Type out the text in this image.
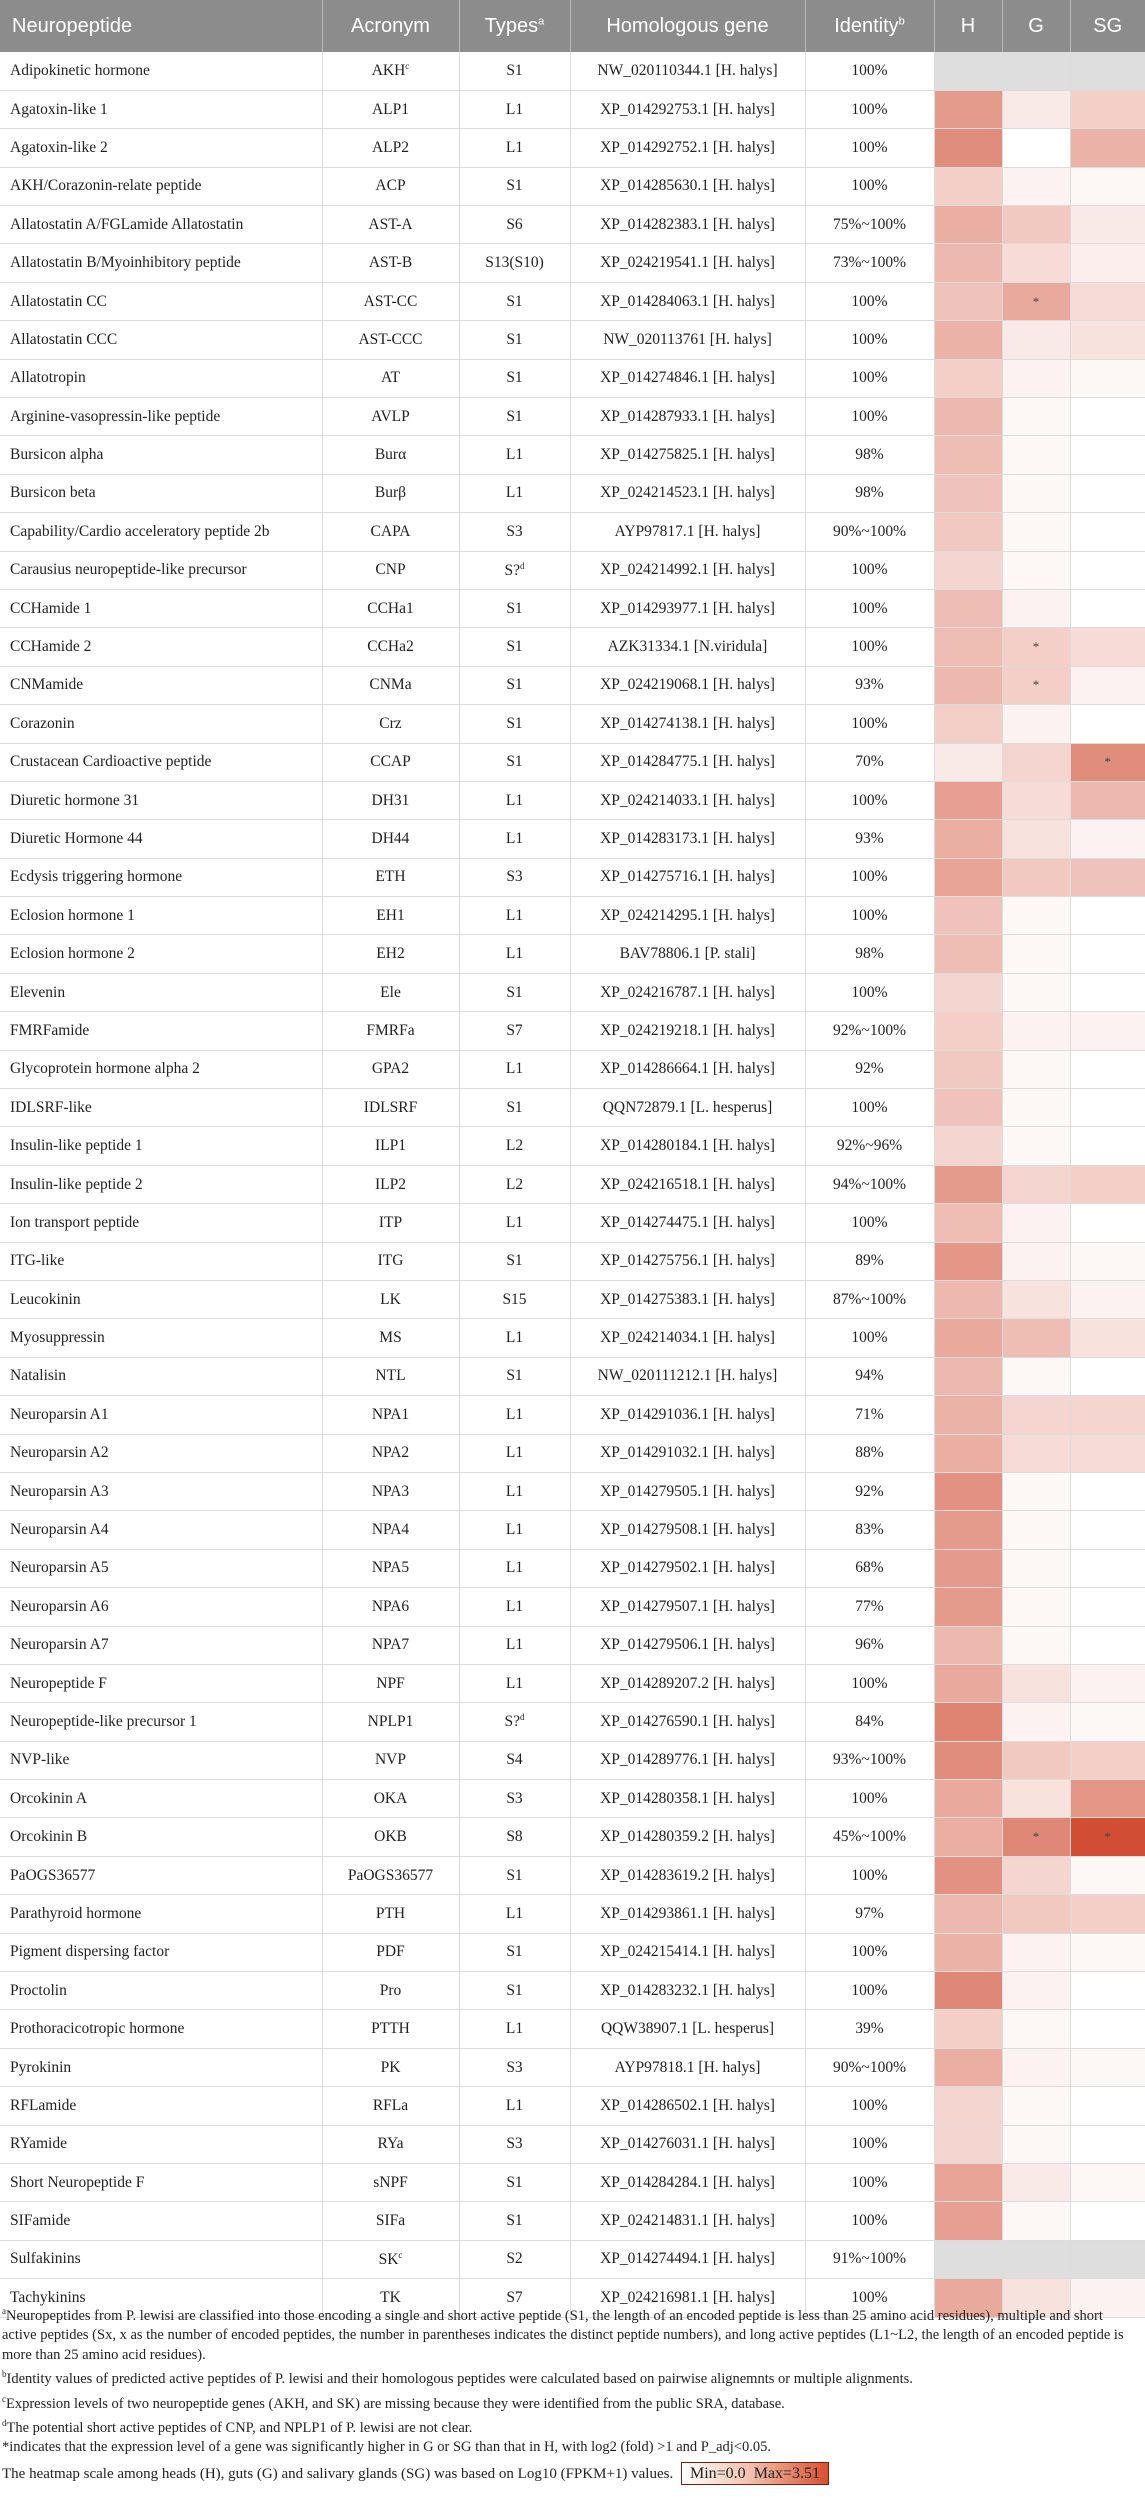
Neuropeptide	Acronym	Types$^a$	Homologous gene	Identity$^b$	H	G	SG
Adipokinetic hormone	AKH$^c$	S1	NW_020110344.1 [H. halys]	100%			
Agatoxin-like 1	ALP1	L1	XP_014292753.1 [H. halys]	100%			
Agatoxin-like 2	ALP2	L1	XP_014292752.1 [H. halys]	100%			
AKH/Corazonin-relate peptide	ACP	S1	XP_014285630.1 [H. halys]	100%			
Allatostatin A/FGLamide Allatostatin	AST-A	S6	XP_014282383.1 [H. halys]	75%~100%			
Allatostatin B/Myoinhibitory peptide	AST-B	S13(S10)	XP_024219541.1 [H. halys]	73%~100%			
Allatostatin CC	AST-CC	S1	XP_014284063.1 [H. halys]	100%		*	
Allatostatin CCC	AST-CCC	S1	NW_020113761 [H. halys]	100%			
Allatotropin	AT	S1	XP_014274846.1 [H. halys]	100%			
Arginine-vasopressin-like peptide	AVLP	S1	XP_014287933.1 [H. halys]	100%			
Bursicon alpha	Burα	L1	XP_014275825.1 [H. halys]	98%			
Bursicon beta	Burβ	L1	XP_024214523.1 [H. halys]	98%			
Capability/Cardio acceleratory peptide 2b	CAPA	S3	AYP97817.1 [H. halys]	90%~100%			
Carausius neuropeptide-like precursor	CNP	S?$^d$	XP_024214992.1 [H. halys]	100%			
CCHamide 1	CCHa1	S1	XP_014293977.1 [H. halys]	100%			
CCHamide 2	CCHa2	S1	AZK31334.1 [N.viridula]	100%		*	
CNMamide	CNMa	S1	XP_024219068.1 [H. halys]	93%		*	
Corazonin	Crz	S1	XP_014274138.1 [H. halys]	100%			
Crustacean Cardioactive peptide	CCAP	S1	XP_014284775.1 [H. halys]	70%			*
Diuretic hormone 31	DH31	L1	XP_024214033.1 [H. halys]	100%			
Diuretic Hormone 44	DH44	L1	XP_014283173.1 [H. halys]	93%			
Ecdysis triggering hormone	ETH	S3	XP_014275716.1 [H. halys]	100%			
Eclosion hormone 1	EH1	L1	XP_024214295.1 [H. halys]	100%			
Eclosion hormone 2	EH2	L1	BAV78806.1 [P. stali]	98%			
Elevenin	Ele	S1	XP_024216787.1 [H. halys]	100%			
FMRFamide	FMRFa	S7	XP_024219218.1 [H. halys]	92%~100%			
Glycoprotein hormone alpha 2	GPA2	L1	XP_014286664.1 [H. halys]	92%			
IDLSRF-like	IDLSRF	S1	QQN72879.1 [L. hesperus]	100%			
Insulin-like peptide 1	ILP1	L2	XP_014280184.1 [H. halys]	92%~96%			
Insulin-like peptide 2	ILP2	L2	XP_024216518.1 [H. halys]	94%~100%			
Ion transport peptide	ITP	L1	XP_014274475.1 [H. halys]	100%			
ITG-like	ITG	S1	XP_014275756.1 [H. halys]	89%			
Leucokinin	LK	S15	XP_014275383.1 [H. halys]	87%~100%			
Myosuppressin	MS	L1	XP_024214034.1 [H. halys]	100%			
Natalisin	NTL	S1	NW_020111212.1 [H. halys]	94%			
Neuroparsin A1	NPA1	L1	XP_014291036.1 [H. halys]	71%			
Neuroparsin A2	NPA2	L1	XP_014291032.1 [H. halys]	88%			
Neuroparsin A3	NPA3	L1	XP_014279505.1 [H. halys]	92%			
Neuroparsin A4	NPA4	L1	XP_014279508.1 [H. halys]	83%			
Neuroparsin A5	NPA5	L1	XP_014279502.1 [H. halys]	68%			
Neuroparsin A6	NPA6	L1	XP_014279507.1 [H. halys]	77%			
Neuroparsin A7	NPA7	L1	XP_014279506.1 [H. halys]	96%			
Neuropeptide F	NPF	L1	XP_014289207.2 [H. halys]	100%			
Neuropeptide-like precursor 1	NPLP1	S?$^d$	XP_014276590.1 [H. halys]	84%			
NVP-like	NVP	S4	XP_014289776.1 [H. halys]	93%~100%			
Orcokinin A	OKA	S3	XP_014280358.1 [H. halys]	100%			
Orcokinin B	OKB	S8	XP_014280359.2 [H. halys]	45%~100%		*	*
PaOGS36577	PaOGS36577	S1	XP_014283619.2 [H. halys]	100%			
Parathyroid hormone	PTH	L1	XP_014293861.1 [H. halys]	97%			
Pigment dispersing factor	PDF	S1	XP_024215414.1 [H. halys]	100%			
Proctolin	Pro	S1	XP_014283232.1 [H. halys]	100%			
Prothoracicotropic hormone	PTTH	L1	QQW38907.1 [L. hesperus]	39%			
Pyrokinin	PK	S3	AYP97818.1 [H. halys]	90%~100%			
RFLamide	RFLa	L1	XP_014286502.1 [H. halys]	100%			
RYamide	RYa	S3	XP_014276031.1 [H. halys]	100%			
Short Neuropeptide F	sNPF	S1	XP_014284284.1 [H. halys]	100%			
SIFamide	SIFa	S1	XP_024214831.1 [H. halys]	100%			
Sulfakinins	$SK^c$	S2	XP_014274494.1 [H. halys]	91%~100%			
Tachykinins	TK	S7	XP_024216981.1 [H. halys]	100%			

$^a$Neuropeptides from P. lewisi are classified into those encoding a single and short active peptide (S1, the length of an encoded peptide is less than 25 amino acid residues), multiple and short active peptides (Sx, x as the number of encoded peptides, the number in parentheses indicates the distinct peptide numbers), and long active peptides (L1~L2, the length of an encoded peptide is more than 25 amino acid residues).

$^b$Identity values of predicted active peptides of P. lewisi and their homologous peptides were calculated based on pairwise alignemnts or multiple alignments.

$^c$Expression levels of two neuropeptide genes (AKH, and SK) are missing because they were identified from the public SRA, database.

$^d$The potential short active peptides of CNP, and NPLP1 of P. lewisi are not clear.

*indicates that the expression level of a gene was significantly higher in G or SG than that in H, with log2 (fold) >1 and P_adj<0.05.

The heatmap scale among heads (H), guts (G) and salivary glands (SG) was based on Log10 (FPKM+1) values. Min=0.0 Max=3.51
